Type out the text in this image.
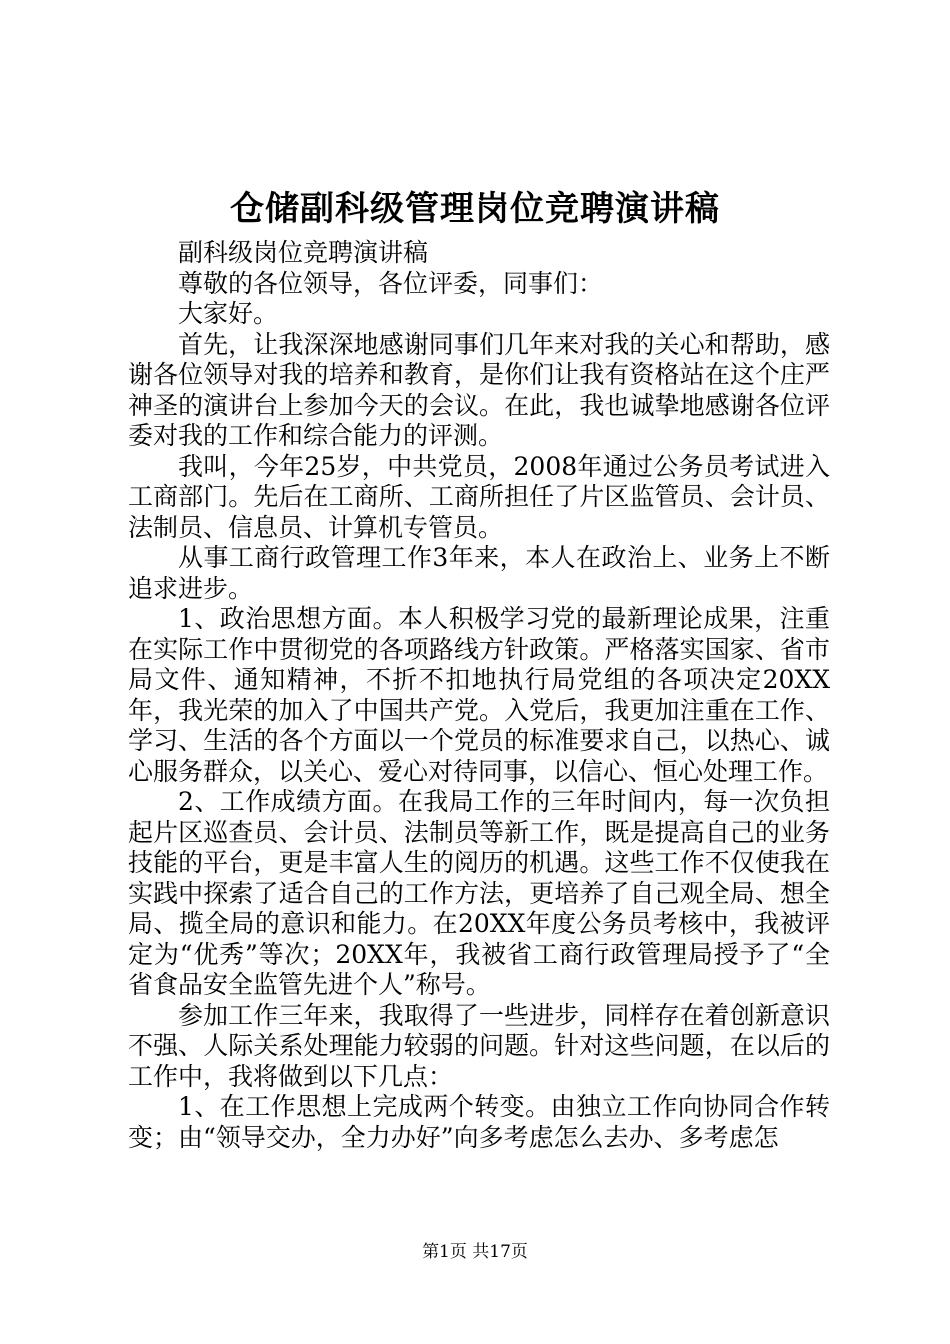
仓储副科级管理岗位竞聘演讲稿

副科级岗位竞聘演讲稿

尊敬的各位领导，各位评委，同事们：

大家好。

首先，让我深深地感谢同事们几年来对我的关心和帮助，感谢各位领导对我的培养和教育，是你们让我有资格站在这个庄严神圣的演讲台上参加今天的会议。在此，我也诚挚地感谢各位评委对我的工作和综合能力的评测。

我叫，今年25岁，中共党员，2008年通过公务员考试进入工商部门。先后在工商所、工商所担任了片区监管员、会计员、法制员、信息员、计算机专管员。

从事工商行政管理工作3年来，本人在政治上、业务上不断追求进步。

1、政治思想方面。本人积极学习党的最新理论成果，注重在实际工作中贯彻党的各项路线方针政策。严格落实国家、省市局文件、通知精神，不折不扣地执行局党组的各项决定20XX年，我光荣的加入了中国共产党。入党后，我更加注重在工作、学习、生活的各个方面以一个党员的标准要求自己，以热心、诚心服务群众，以关心、爱心对待同事，以信心、恒心处理工作。

2、工作成绩方面。在我局工作的三年时间内，每一次负担起片区巡查员、会计员、法制员等新工作，既是提高自己的业务技能的平台，更是丰富人生的阅历的机遇。这些工作不仅使我在实践中探索了适合自己的工作方法，更培养了自己观全局、想全局、揽全局的意识和能力。在20XX年度公务员考核中，我被评定为“优秀”等次；20XX年，我被省工商行政管理局授予了“全省食品安全监管先进个人”称号。

参加工作三年来，我取得了一些进步，同样存在着创新意识不强、人际关系处理能力较弱的问题。针对这些问题，在以后的工作中，我将做到以下几点：

1、在工作思想上完成两个转变。由独立工作向协同合作转变；由“领导交办，全力办好”向多考虑怎么去办、多考虑怎

第1页 共17页
